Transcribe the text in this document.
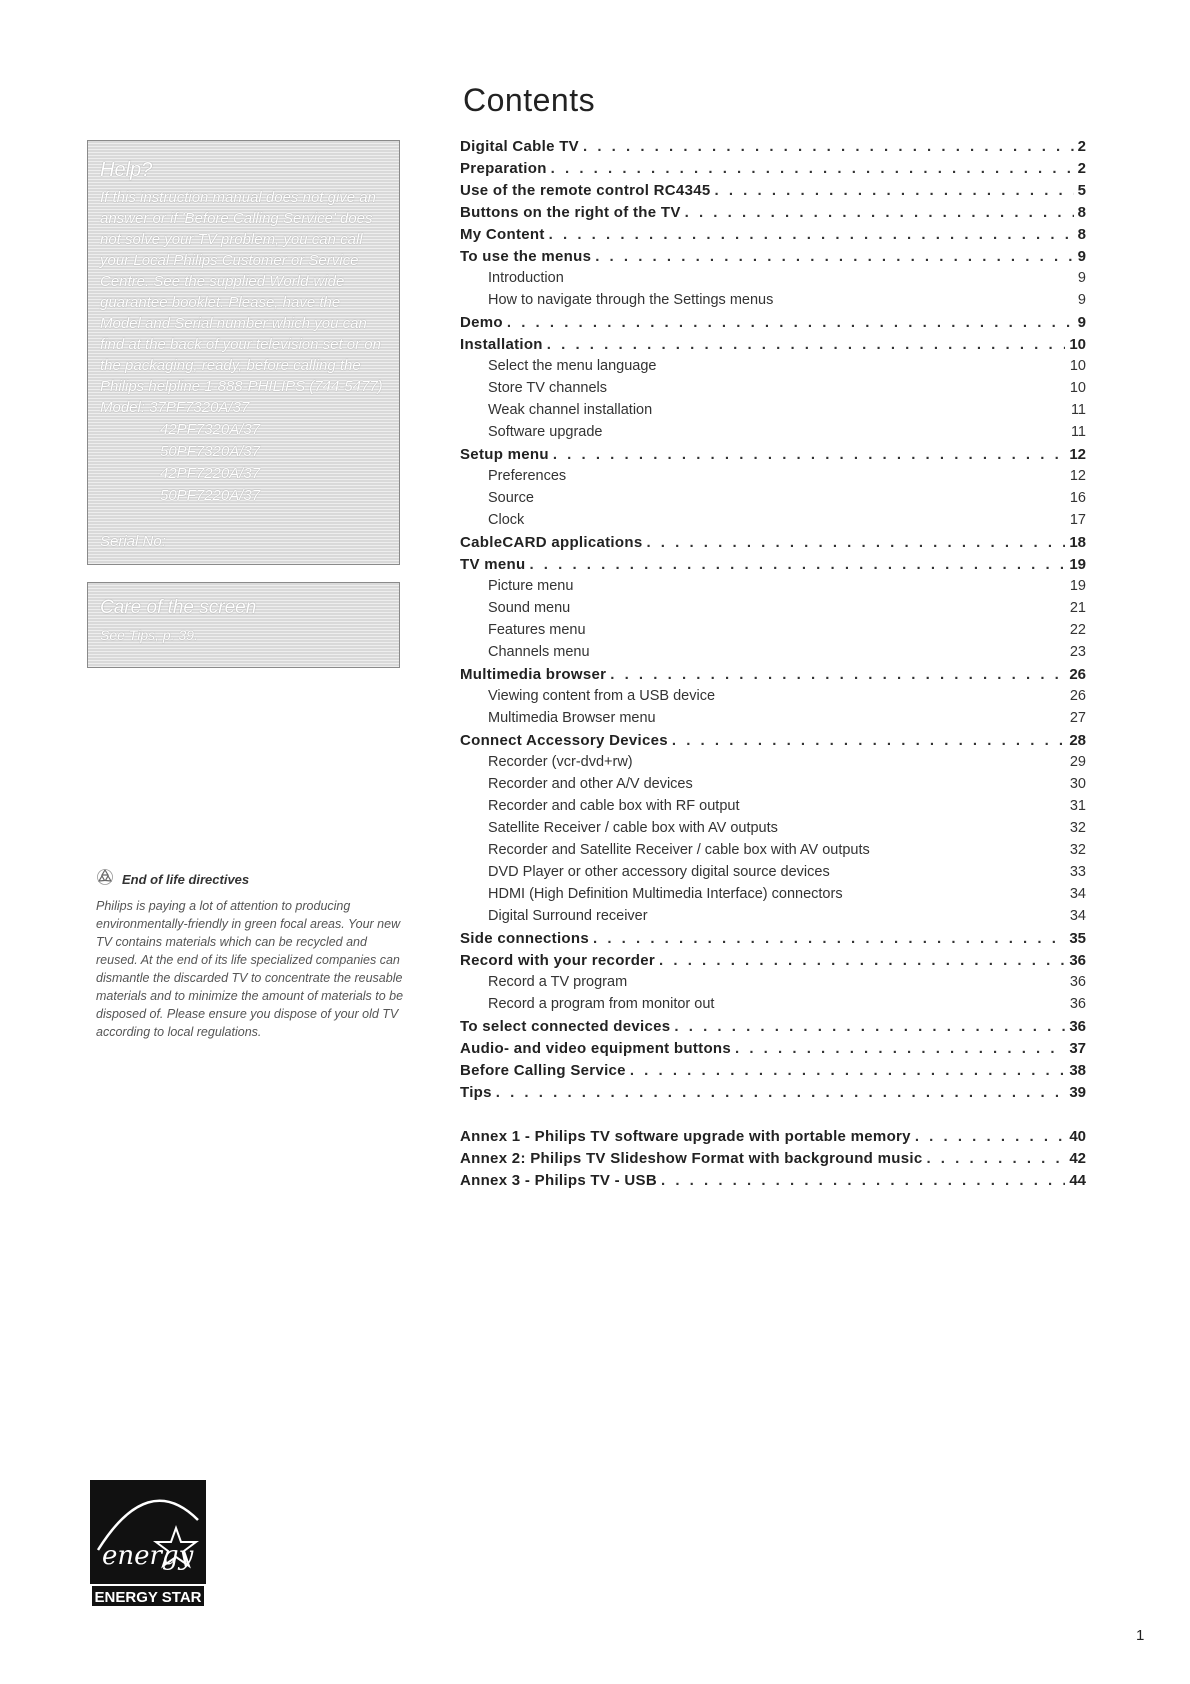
Contents
Help?
If this instruction manual does not give an answer or if 'Before Calling Service' does not solve your TV problem, you can call your Local Philips Customer or Service Centre. See the supplied World-wide guarantee booklet. Please, have the Model and Serial number which you can find at the back of your television set or on the packaging, ready, before calling the Philips helpline 1-888-PHILIPS (744-5477)
Model: 37PF7320A/37
42PF7320A/37
50PF7320A/37
42PF7220A/37
50PF7220A/37
Serial No:
Care of the screen
See Tips, p. 39.
End of life directives
Philips is paying a lot of attention to producing environmentally-friendly in green focal areas. Your new TV contains materials which can be recycled and reused. At the end of its life specialized companies can dismantle the discarded TV to concentrate the reusable materials and to minimize the amount of materials to be disposed of. Please ensure you dispose of your old TV according to local regulations.
energy
ENERGY STAR
Digital Cable TV . . .	2
Preparation . . .	2
Use of the remote control RC4345 . . .	5
Buttons on the right of the TV . . .	8
My Content . . .	8
To use the menus . . .	9
Introduction	9
How to navigate through the Settings menus	9
Demo . . .	9
Installation . . .	10
Select the menu language	10
Store TV channels	10
Weak channel installation	11
Software upgrade	11
Setup menu . . .	12
Preferences	12
Source	16
Clock	17
CableCARD applications . . .	18
TV menu . . .	19
Picture menu	19
Sound menu	21
Features menu	22
Channels menu	23
Multimedia browser . . .	26
Viewing content from a USB device	26
Multimedia Browser menu	27
Connect Accessory Devices . . .	28
Recorder (vcr-dvd+rw)	29
Recorder and other A/V devices	30
Recorder and cable box with RF output	31
Satellite Receiver / cable box with AV outputs	32
Recorder and Satellite Receiver / cable box with AV outputs	32
DVD Player or other accessory digital source devices	33
HDMI (High Definition Multimedia Interface) connectors	34
Digital Surround receiver	34
Side connections . . .	35
Record with your recorder . . .	36
Record a TV program	36
Record a program from monitor out	36
To select connected devices . . .	36
Audio- and video equipment buttons . . .	37
Before Calling Service . . .	38
Tips . . .	39
Annex 1 - Philips TV software upgrade with portable memory . . .	40
Annex 2: Philips TV Slideshow Format with background music . . .	42
Annex 3 - Philips TV - USB . . .	44
1
